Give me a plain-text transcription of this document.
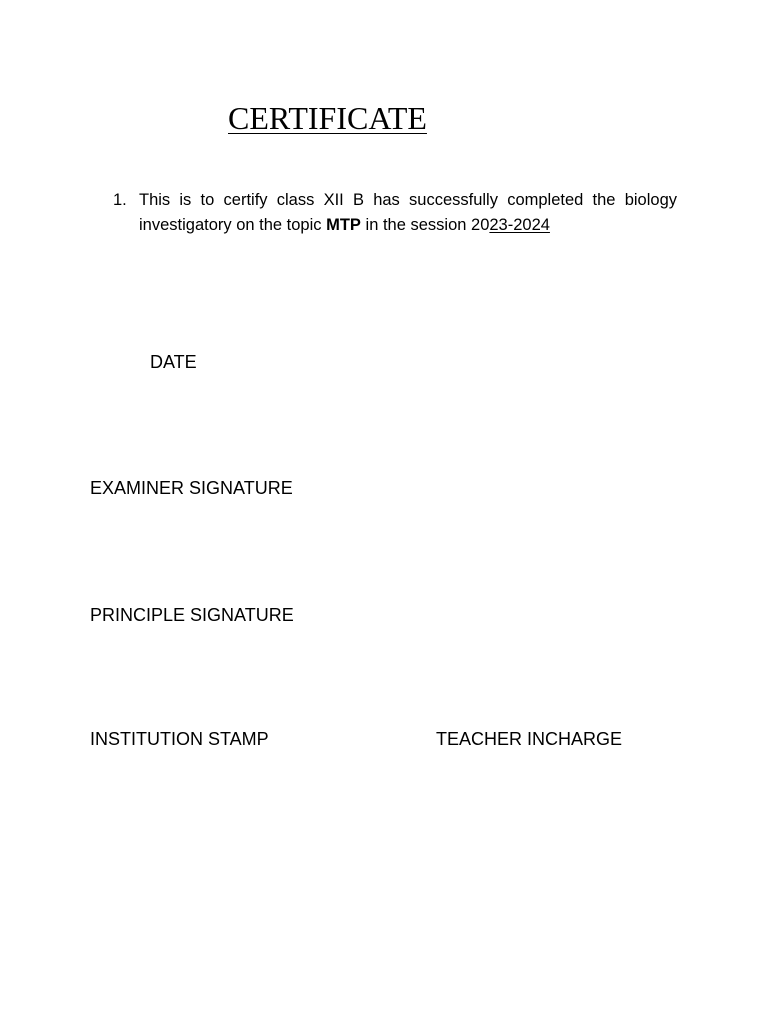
CERTIFICATE
1. This is to certify class XII B has successfully completed the biology
investigatory on the topic MTP in the session 2023-2024

DATE

EXAMINER SIGNATURE

PRINCIPLE SIGNATURE

INSTITUTION STAMP	TEACHER INCHARGE
